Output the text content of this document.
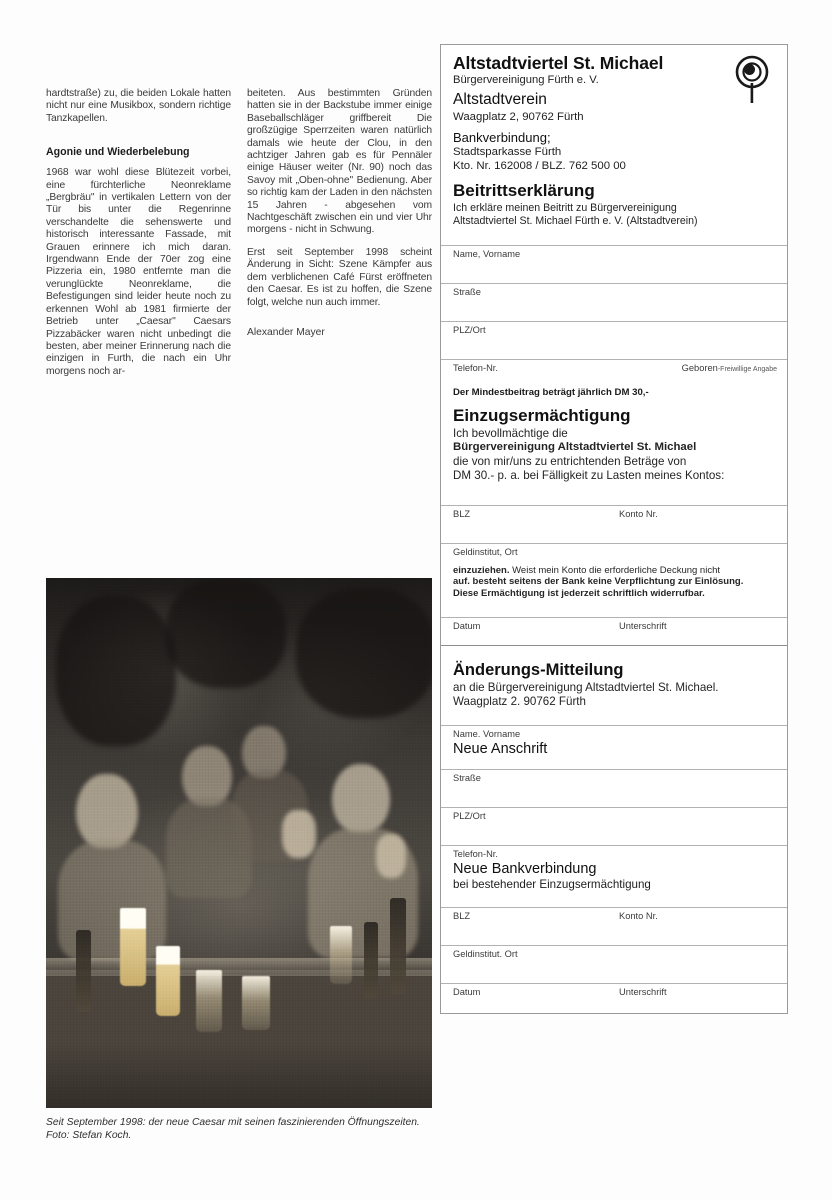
hardtstraße) zu, die beiden Lokale hatten nicht nur eine Musikbox, sondern richtige Tanzkapellen.

Agonie und Wiederbelebung

1968 war wohl diese Blütezeit vorbei, eine fürchterliche Neonreklame „Bergbräu" in vertikalen Lettern von der Tür bis unter die Regenrinne verschandelte die sehenswerte und historisch interessante Fassade, mit Grauen erinnere ich mich daran. Irgendwann Ende der 70er zog eine Pizzeria ein, 1980 entfernte man die verunglückte Neonreklame, die Befestigungen sind leider heute noch zu erkennen Wohl ab 1981 firmierte der Betrieb unter „Caesar" Caesars Pizzabäcker waren nicht unbedingt die besten, aber meiner Erinnerung nach die einzigen in Furth, die nach ein Uhr morgens noch ar-

beiteten. Aus bestimmten Gründen hatten sie in der Backstube immer einige Baseballschläger griffbereit Die großzügige Sperrzeiten waren natürlich damals wie heute der Clou, in den achtziger Jahren gab es für Pennäler einige Häuser weiter (Nr. 90) noch das Savoy mit „Oben-ohne" Bedienung. Aber so richtig kam der Laden in den nächsten 15 Jahren - abgesehen vom Nachtgeschäft zwischen ein und vier Uhr morgens - nicht in Schwung.

Erst seit September 1998 scheint Änderung in Sicht: Szene Kämpfer aus dem verblichenen Café Fürst eröffneten den Caesar. Es ist zu hoffen, die Szene folgt, welche nun auch immer.

Alexander Mayer
Seit September 1998: der neue Caesar mit seinen faszinierenden Öffnungszeiten. Foto: Stefan Koch.
Altstadtviertel St. Michael

Bürgervereinigung Fürth e. V.

Altstadtverein

Waagplatz 2, 90762 Fürth

Bankverbindung;

Stadtsparkasse Fürth

Kto. Nr. 162008 / BLZ. 762 500 00

Beitrittserklärung

Ich erkläre meinen Beitritt zu Bürgervereinigung

Altstadtviertel St. Michael Fürth e. V. (Altstadtverein)

Name, Vorname
Straße
PLZ/Ort
Telefon-Nr.	Geboren-Freiwillige Angabe
Der Mindestbeitrag beträgt jährlich DM 30,-
Einzugsermächtigung

Ich bevollmächtige die

Bürgervereinigung Altstadtviertel St. Michael

die von mir/uns zu entrichtenden Beträge von

DM 30.- p. a. bei Fälligkeit zu Lasten meines Kontos:

BLZ	Konto Nr.
Geldinstitut, Ort
einzuziehen. Weist mein Konto die erforderliche Deckung nicht
auf. besteht seitens der Bank keine Verpflichtung zur Einlösung.
Diese Ermächtigung ist jederzeit schriftlich widerrufbar.
Datum	Unterschrift
Änderungs-Mitteilung

an die Bürgervereinigung Altstadtviertel St. Michael.

Waagplatz 2. 90762 Fürth

Name. Vorname
Neue Anschrift
Straße
PLZ/Ort
Telefon-Nr.
Neue Bankverbindung
bei bestehender Einzugsermächtigung
BLZ	Konto Nr.
Geldinstitut. Ort
Datum	Unterschrift
